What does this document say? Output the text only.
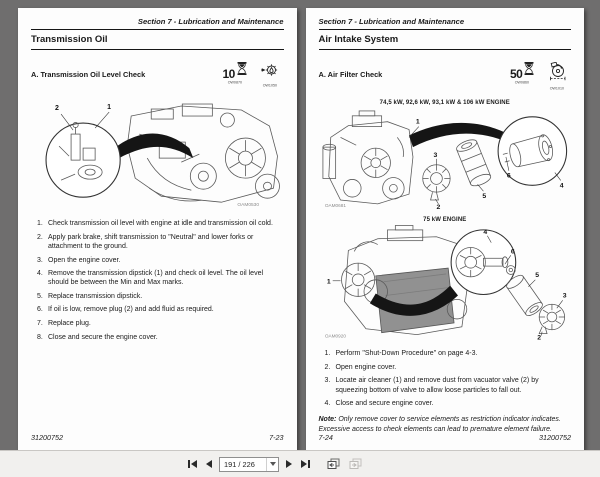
Section 7 - Lubrication and Maintenance
Transmission Oil
A. Transmission Oil Level Check	10
OW0870
OW1050
2	1
OAM0530
1. Check transmission oil level with engine at idle and transmission oil cold.
2. Apply park brake, shift transmission to "Neutral" and lower forks or attachment to the ground.
3. Open the engine cover.
4. Remove the transmission dipstick (1) and check oil level. The oil level should be between the Min and Max marks.
5. Replace transmission dipstick.
6. If oil is low, remove plug (2) and add fluid as required.
7. Replace plug.
8. Close and secure the engine cover.
31200752	7-23
Section 7 - Lubrication and Maintenance
Air Intake System
A. Air Filter Check	50
OW0860
OW1010
74,5 kW, 92,6 kW, 93,1 kW & 106 kW ENGINE
1
3
2
5
6
4
OAM0681
75 kW ENGINE
1
4
6
5
3
2
OAM0920
1. Perform "Shut-Down Procedure" on page 4-3.
2. Open engine cover.
3. Locate air cleaner (1) and remove dust from vacuator valve (2) by squeezing bottom of valve to allow loose particles to fall out.
4. Close and secure engine cover.
Note: Only remove cover to service elements as restriction indicator indicates. Excessive access to check elements can lead to premature element failure.
7-24	31200752
191 / 226
